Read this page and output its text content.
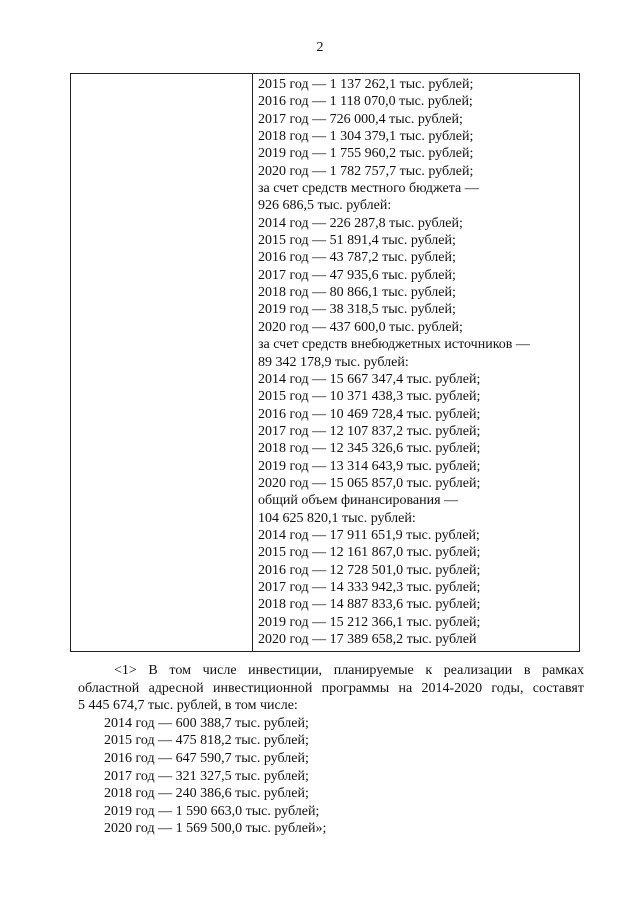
2
2015 год — 1 137 262,1 тыс. рублей;
2016 год — 1 118 070,0 тыс. рублей;
2017 год — 726 000,4 тыс. рублей;
2018 год — 1 304 379,1 тыс. рублей;
2019 год — 1 755 960,2 тыс. рублей;
2020 год — 1 782 757,7 тыс. рублей;
за счет средств местного бюджета —
926 686,5 тыс. рублей:
2014 год — 226 287,8 тыс. рублей;
2015 год — 51 891,4 тыс. рублей;
2016 год — 43 787,2 тыс. рублей;
2017 год — 47 935,6 тыс. рублей;
2018 год — 80 866,1 тыс. рублей;
2019 год — 38 318,5 тыс. рублей;
2020 год — 437 600,0 тыс. рублей;
за счет средств внебюджетных источников —
89 342 178,9 тыс. рублей:
2014 год — 15 667 347,4 тыс. рублей;
2015 год — 10 371 438,3 тыс. рублей;
2016 год — 10 469 728,4 тыс. рублей;
2017 год — 12 107 837,2 тыс. рублей;
2018 год — 12 345 326,6 тыс. рублей;
2019 год — 13 314 643,9 тыс. рублей;
2020 год — 15 065 857,0 тыс. рублей;
общий объем финансирования —
104 625 820,1 тыс. рублей:
2014 год — 17 911 651,9 тыс. рублей;
2015 год — 12 161 867,0 тыс. рублей;
2016 год — 12 728 501,0 тыс. рублей;
2017 год — 14 333 942,3 тыс. рублей;
2018 год — 14 887 833,6 тыс. рублей;
2019 год — 15 212 366,1 тыс. рублей;
2020 год — 17 389 658,2 тыс. рублей
<1> В том числе инвестиции, планируемые к реализации в рамках
областной адресной инвестиционной программы на 2014-2020 годы, составят
5 445 674,7 тыс. рублей, в том числе:
2014 год — 600 388,7 тыс. рублей;
2015 год — 475 818,2 тыс. рублей;
2016 год — 647 590,7 тыс. рублей;
2017 год — 321 327,5 тыс. рублей;
2018 год — 240 386,6 тыс. рублей;
2019 год — 1 590 663,0 тыс. рублей;
2020 год — 1 569 500,0 тыс. рублей»;
